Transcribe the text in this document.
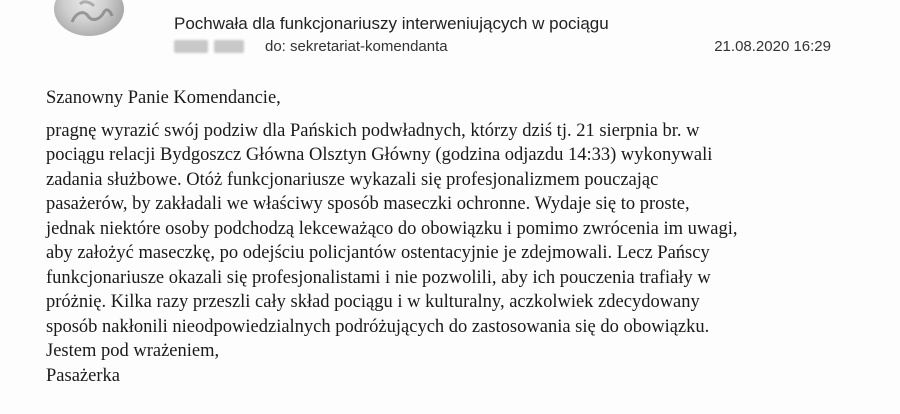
Pochwała dla funkcjonariuszy interweniujących w pociągu
do: sekretariat-komendanta	21.08.2020 16:29

Szanowny Panie Komendancie,

pragnę wyrazić swój podziw dla Pańskich podwładnych, którzy dziś tj. 21 sierpnia br. w
pociągu relacji Bydgoszcz Główna Olsztyn Główny (godzina odjazdu 14:33) wykonywali
zadania służbowe. Otóż funkcjonariusze wykazali się profesjonalizmem pouczając
pasażerów, by zakładali we właściwy sposób maseczki ochronne. Wydaje się to proste,
jednak niektóre osoby podchodzą lekceważąco do obowiązku i pomimo zwrócenia im uwagi,
aby założyć maseczkę, po odejściu policjantów ostentacyjnie je zdejmowali. Lecz Pańscy
funkcjonariusze okazali się profesjonalistami i nie pozwolili, aby ich pouczenia trafiały w
próżnię. Kilka razy przeszli cały skład pociągu i w kulturalny, aczkolwiek zdecydowany
sposób nakłonili nieodpowiedzialnych podróżujących do zastosowania się do obowiązku.

Jestem pod wrażeniem,

Pasażerka
